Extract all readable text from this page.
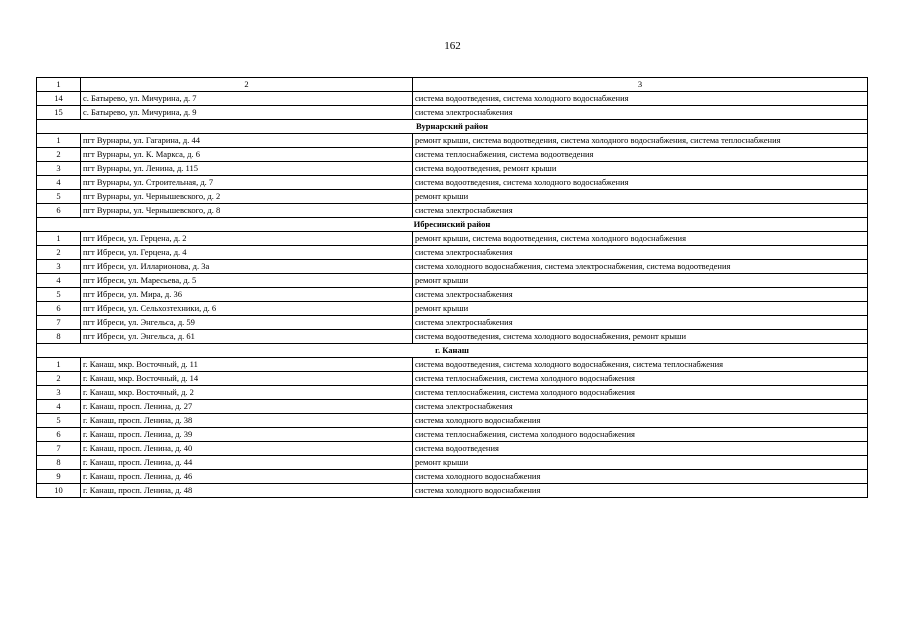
162
1	2	3
14	с. Батырево, ул. Мичурина, д. 7	система водоотведения, система холодного водоснабжения
15	с. Батырево, ул. Мичурина, д. 9	система электроснабжения
Вурнарский район		
1	пгт Вурнары, ул. Гагарина, д. 44	ремонт крыши, система водоотведения, система холодного водоснабжения, система теплоснабжения
2	пгт Вурнары, ул. К. Маркса, д. 6	система теплоснабжения, система водоотведения
3	пгт Вурнары, ул. Ленина, д. 115	система водоотведения, ремонт крыши
4	пгт Вурнары, ул. Строительная, д. 7	система водоотведения, система холодного водоснабжения
5	пгт Вурнары, ул. Чернышевского, д. 2	ремонт крыши
6	пгт Вурнары, ул. Чернышевского, д. 8	система электроснабжения
Ибресинский район		
1	пгт Ибреси, ул. Герцена, д. 2	ремонт крыши, система водоотведения, система холодного водоснабжения
2	пгт Ибреси, ул. Герцена, д. 4	система электроснабжения
3	пгт Ибреси, ул. Илларионова, д. 3а	система холодного водоснабжения, система электроснабжения, система водоотведения
4	пгт Ибреси, ул. Маресьева, д. 5	ремонт крыши
5	пгт Ибреси, ул. Мира, д. 36	система электроснабжения
6	пгт Ибреси, ул. Сельхозтехники, д. 6	ремонт крыши
7	пгт Ибреси, ул. Энгельса, д. 59	система электроснабжения
8	пгт Ибреси, ул. Энгельса, д. 61	система водоотведения, система холодного водоснабжения, ремонт крыши
г. Канаш		
1	г. Канаш, мкр. Восточный, д. 11	система водоотведения, система холодного водоснабжения, система теплоснабжения
2	г. Канаш, мкр. Восточный, д. 14	система теплоснабжения, система холодного водоснабжения
3	г. Канаш, мкр. Восточный, д. 2	система теплоснабжения, система холодного водоснабжения
4	г. Канаш, просп. Ленина, д. 27	система электроснабжения
5	г. Канаш, просп. Ленина, д. 38	система холодного водоснабжения
6	г. Канаш, просп. Ленина, д. 39	система теплоснабжения, система холодного водоснабжения
7	г. Канаш, просп. Ленина, д. 40	система водоотведения
8	г. Канаш, просп. Ленина, д. 44	ремонт крыши
9	г. Канаш, просп. Ленина, д. 46	система холодного водоснабжения
10	г. Канаш, просп. Ленина, д. 48	система холодного водоснабжения
